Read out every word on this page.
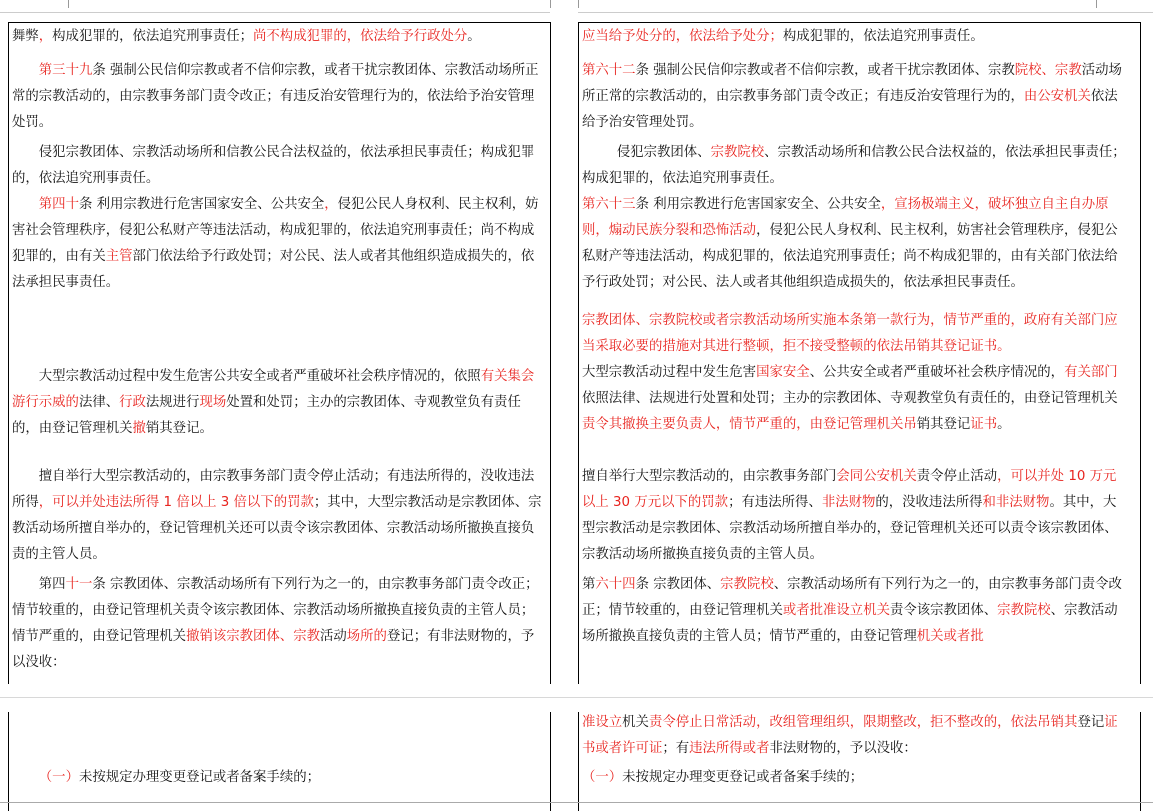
舞弊，构成犯罪的，依法追究刑事责任；尚不构成犯罪的，依法给予行政处分。

第三十九条 强制公民信仰宗教或者不信仰宗教，或者干扰宗教团体、宗教活动场所正常的宗教活动的，由宗教事务部门责令改正；有违反治安管理行为的，依法给予治安管理处罚。

侵犯宗教团体、宗教活动场所和信教公民合法权益的，依法承担民事责任；构成犯罪的，依法追究刑事责任。

第四十条 利用宗教进行危害国家安全、公共安全，侵犯公民人身权利、民主权利，妨害社会管理秩序，侵犯公私财产等违法活动，构成犯罪的，依法追究刑事责任；尚不构成犯罪的，由有关主管部门依法给予行政处罚；对公民、法人或者其他组织造成损失的，依法承担民事责任。

大型宗教活动过程中发生危害公共安全或者严重破坏社会秩序情况的，依照有关集会游行示威的法律、行政法规进行现场处置和处罚；主办的宗教团体、寺观教堂负有责任的，由登记管理机关撤销其登记。

擅自举行大型宗教活动的，由宗教事务部门责令停止活动；有违法所得的，没收违法所得，可以并处违法所得 1 倍以上 3 倍以下的罚款；其中，大型宗教活动是宗教团体、宗教活动场所擅自举办的，登记管理机关还可以责令该宗教团体、宗教活动场所撤换直接负责的主管人员。

第四十一条 宗教团体、宗教活动场所有下列行为之一的，由宗教事务部门责令改正；情节较重的，由登记管理机关责令该宗教团体、宗教活动场所撤换直接负责的主管人员；情节严重的，由登记管理机关撤销该宗教团体、宗教活动场所的登记；有非法财物的，予以没收：

（一）未按规定办理变更登记或者备案手续的；

应当给予处分的，依法给予处分；构成犯罪的，依法追究刑事责任。

第六十二条 强制公民信仰宗教或者不信仰宗教，或者干扰宗教团体、宗教院校、宗教活动场所正常的宗教活动的，由宗教事务部门责令改正；有违反治安管理行为的，由公安机关依法给予治安管理处罚。

侵犯宗教团体、宗教院校、宗教活动场所和信教公民合法权益的，依法承担民事责任；构成犯罪的，依法追究刑事责任。

第六十三条 利用宗教进行危害国家安全、公共安全，宣扬极端主义，破坏独立自主自办原则，煽动民族分裂和恐怖活动，侵犯公民人身权利、民主权利，妨害社会管理秩序，侵犯公私财产等违法活动，构成犯罪的，依法追究刑事责任；尚不构成犯罪的，由有关部门依法给予行政处罚；对公民、法人或者其他组织造成损失的，依法承担民事责任。

宗教团体、宗教院校或者宗教活动场所实施本条第一款行为，情节严重的，政府有关部门应当采取必要的措施对其进行整顿，拒不接受整顿的依法吊销其登记证书。

大型宗教活动过程中发生危害国家安全、公共安全或者严重破坏社会秩序情况的，有关部门依照法律、法规进行处置和处罚；主办的宗教团体、寺观教堂负有责任的，由登记管理机关责令其撤换主要负责人，情节严重的，由登记管理机关吊销其登记证书。

擅自举行大型宗教活动的，由宗教事务部门会同公安机关责令停止活动，可以并处 10 万元以上 30 万元以下的罚款；有违法所得、非法财物的，没收违法所得和非法财物。其中，大型宗教活动是宗教团体、宗教活动场所擅自举办的，登记管理机关还可以责令该宗教团体、宗教活动场所撤换直接负责的主管人员。

第六十四条 宗教团体、宗教院校、宗教活动场所有下列行为之一的，由宗教事务部门责令改正；情节较重的，由登记管理机关或者批准设立机关责令该宗教团体、宗教院校、宗教活动场所撤换直接负责的主管人员；情节严重的，由登记管理机关或者批

准设立机关责令停止日常活动，改组管理组织，限期整改，拒不整改的，依法吊销其登记证书或者许可证；有违法所得或者非法财物的，予以没收：

（一）未按规定办理变更登记或者备案手续的；
